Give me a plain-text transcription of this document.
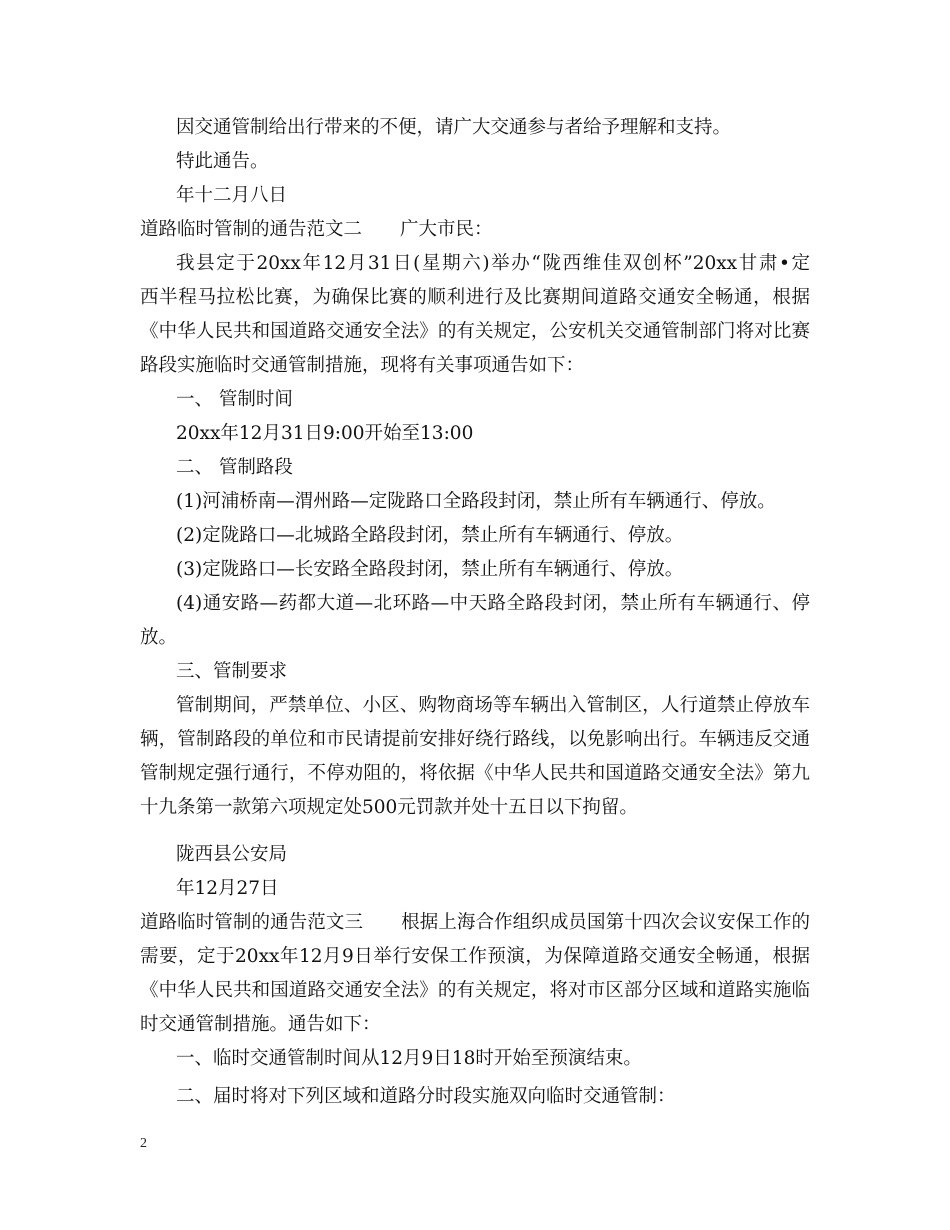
因交通管制给出行带来的不便，请广大交通参与者给予理解和支持。
特此通告。
年十二月八日
道路临时管制的通告范文二 广大市民：
我县定于20xx年12月31日(星期六)举办“陇西维佳双创杯”20xx甘肃•定
西半程马拉松比赛，为确保比赛的顺利进行及比赛期间道路交通安全畅通，根据
《中华人民共和国道路交通安全法》的有关规定，公安机关交通管制部门将对比赛
路段实施临时交通管制措施，现将有关事项通告如下：
一、 管制时间
20xx年12月31日9:00开始至13:00
二、 管制路段
(1)河浦桥南—渭州路—定陇路口全路段封闭，禁止所有车辆通行、停放。
(2)定陇路口—北城路全路段封闭，禁止所有车辆通行、停放。
(3)定陇路口—长安路全路段封闭，禁止所有车辆通行、停放。
(4)通安路—药都大道—北环路—中天路全路段封闭，禁止所有车辆通行、停
放。
三、管制要求
管制期间，严禁单位、小区、购物商场等车辆出入管制区，人行道禁止停放车
辆，管制路段的单位和市民请提前安排好绕行路线，以免影响出行。车辆违反交通
管制规定强行通行，不停劝阻的，将依据《中华人民共和国道路交通安全法》第九
十九条第一款第六项规定处500元罚款并处十五日以下拘留。
陇西县公安局
年12月27日
道路临时管制的通告范文三 根据上海合作组织成员国第十四次会议安保工作的
需要，定于20xx年12月9日举行安保工作预演，为保障道路交通安全畅通，根据
《中华人民共和国道路交通安全法》的有关规定，将对市区部分区域和道路实施临
时交通管制措施。通告如下：
一、临时交通管制时间从12月9日18时开始至预演结束。
二、届时将对下列区域和道路分时段实施双向临时交通管制：
2
